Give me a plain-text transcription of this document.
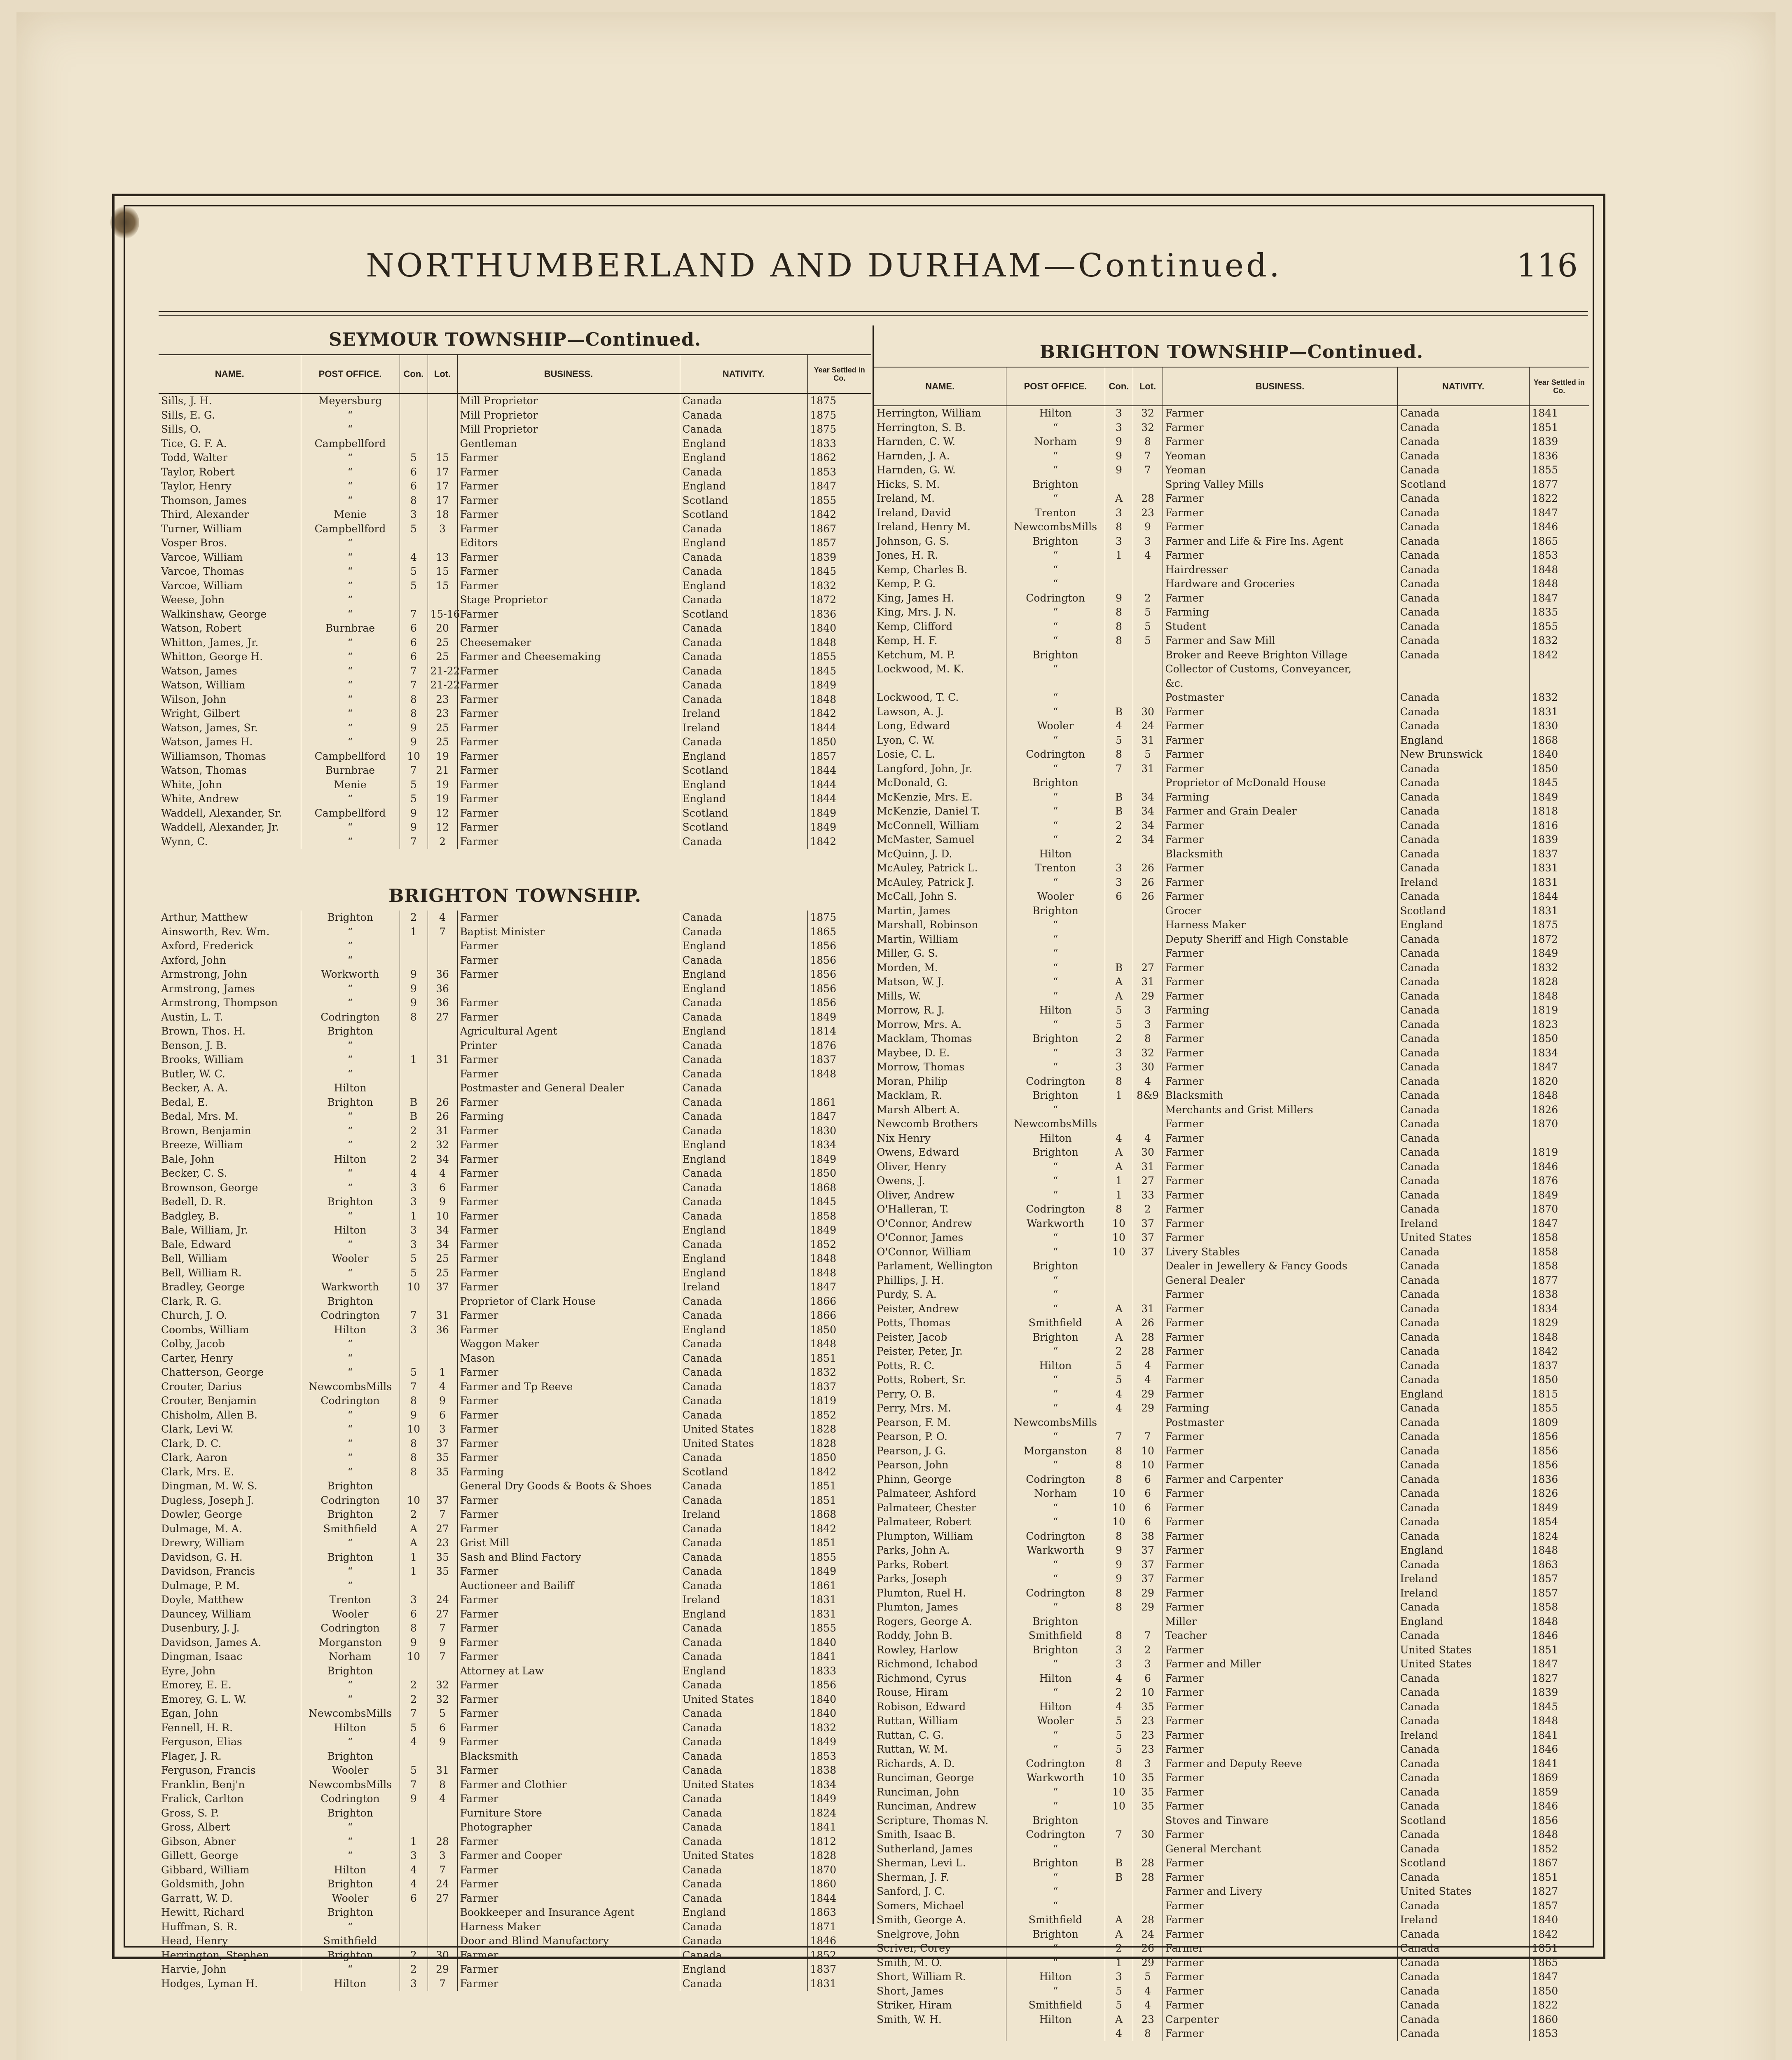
NORTHUMBERLAND AND DURHAM—Continued.	116
SEYMOUR TOWNSHIP—Continued.
NAME.	POST OFFICE.	Con.	Lot.	BUSINESS.	NATIVITY.	Year Settled in Co.
Sills, J. H.	Meyersburg			Mill Proprietor	Canada	1875
Sills, E. G.	“			Mill Proprietor	Canada	1875
Sills, O.	“			Mill Proprietor	Canada	1875
Tice, G. F. A.	Campbellford			Gentleman	England	1833
Todd, Walter	“	5	15	Farmer	England	1862
Taylor, Robert	“	6	17	Farmer	Canada	1853
Taylor, Henry	“	6	17	Farmer	England	1847
Thomson, James	“	8	17	Farmer	Scotland	1855
Third, Alexander	Menie	3	18	Farmer	Scotland	1842
Turner, William	Campbellford	5	3	Farmer	Canada	1867
Vosper Bros.	“			Editors	England	1857
Varcoe, William	“	4	13	Farmer	Canada	1839
Varcoe, Thomas	“	5	15	Farmer	Canada	1845
Varcoe, William	“	5	15	Farmer	England	1832
Weese, John	“			Stage Proprietor	Canada	1872
Walkinshaw, George	“	7	15-16	Farmer	Scotland	1836
Watson, Robert	Burnbrae	6	20	Farmer	Canada	1840
Whitton, James, Jr.	“	6	25	Cheesemaker	Canada	1848
Whitton, George H.	“	6	25	Farmer and Cheesemaking	Canada	1855
Watson, James	“	7	21-22	Farmer	Canada	1845
Watson, William	“	7	21-22	Farmer	Canada	1849
Wilson, John	“	8	23	Farmer	Canada	1848
Wright, Gilbert	“	8	23	Farmer	Ireland	1842
Watson, James, Sr.	“	9	25	Farmer	Ireland	1844
Watson, James H.	“	9	25	Farmer	Canada	1850
Williamson, Thomas	Campbellford	10	19	Farmer	England	1857
Watson, Thomas	Burnbrae	7	21	Farmer	Scotland	1844
White, John	Menie	5	19	Farmer	England	1844
White, Andrew	“	5	19	Farmer	England	1844
Waddell, Alexander, Sr.	Campbellford	9	12	Farmer	Scotland	1849
Waddell, Alexander, Jr.	“	9	12	Farmer	Scotland	1849
Wynn, C.	“	7	2	Farmer	Canada	1842
BRIGHTON TOWNSHIP.
Arthur, Matthew	Brighton	2	4	Farmer	Canada	1875
Ainsworth, Rev. Wm.	“	1	7	Baptist Minister	Canada	1865
Axford, Frederick	“			Farmer	England	1856
Axford, John	“			Farmer	Canada	1856
Armstrong, John	Workworth	9	36	Farmer	England	1856
Armstrong, James	“	9	36		England	1856
Armstrong, Thompson	“	9	36	Farmer	Canada	1856
Austin, L. T.	Codrington	8	27	Farmer	Canada	1849
Brown, Thos. H.	Brighton			Agricultural Agent	England	1814
Benson, J. B.	“			Printer	Canada	1876
Brooks, William	“	1	31	Farmer	Canada	1837
Butler, W. C.	“			Farmer	Canada	1848
Becker, A. A.	Hilton			Postmaster and General Dealer	Canada	
Bedal, E.	Brighton	B	26	Farmer	Canada	1861
Bedal, Mrs. M.	“	B	26	Farming	Canada	1847
Brown, Benjamin	“	2	31	Farmer	Canada	1830
Breeze, William	“	2	32	Farmer	England	1834
Bale, John	Hilton	2	34	Farmer	England	1849
Becker, C. S.	“	4	4	Farmer	Canada	1850
Brownson, George	“	3	6	Farmer	Canada	1868
Bedell, D. R.	Brighton	3	9	Farmer	Canada	1845
Badgley, B.	“	1	10	Farmer	Canada	1858
Bale, William, Jr.	Hilton	3	34	Farmer	England	1849
Bale, Edward	“	3	34	Farmer	Canada	1852
Bell, William	Wooler	5	25	Farmer	England	1848
Bell, William R.	“	5	25	Farmer	England	1848
Bradley, George	Warkworth	10	37	Farmer	Ireland	1847
Clark, R. G.	Brighton			Proprietor of Clark House	Canada	1866
Church, J. O.	Codrington	7	31	Farmer	Canada	1866
Coombs, William	Hilton	3	36	Farmer	England	1850
Colby, Jacob	“			Waggon Maker	Canada	1848
Carter, Henry	“			Mason	Canada	1851
Chatterson, George	“	5	1	Farmer	Canada	1832
Crouter, Darius	NewcombsMills	7	4	Farmer and Tp Reeve	Canada	1837
Crouter, Benjamin	Codrington	8	9	Farmer	Canada	1819
Chisholm, Allen B.	“	9	6	Farmer	Canada	1852
Clark, Levi W.	“	10	3	Farmer	United States	1828
Clark, D. C.	“	8	37	Farmer	United States	1828
Clark, Aaron	“	8	35	Farmer	Canada	1850
Clark, Mrs. E.	“	8	35	Farming	Scotland	1842
Dingman, M. W. S.	Brighton			General Dry Goods & Boots & Shoes	Canada	1851
Dugless, Joseph J.	Codrington	10	37	Farmer	Canada	1851
Dowler, George	Brighton	2	7	Farmer	Ireland	1868
Dulmage, M. A.	Smithfield	A	27	Farmer	Canada	1842
Drewry, William	“	A	23	Grist Mill	Canada	1851
Davidson, G. H.	Brighton	1	35	Sash and Blind Factory	Canada	1855
Davidson, Francis	“	1	35	Farmer	Canada	1849
Dulmage, P. M.	“			Auctioneer and Bailiff	Canada	1861
Doyle, Matthew	Trenton	3	24	Farmer	Ireland	1831
Dauncey, William	Wooler	6	27	Farmer	England	1831
Dusenbury, J. J.	Codrington	8	7	Farmer	Canada	1855
Davidson, James A.	Morganston	9	9	Farmer	Canada	1840
Dingman, Isaac	Norham	10	7	Farmer	Canada	1841
Eyre, John	Brighton			Attorney at Law	England	1833
Emorey, E. E.	“	2	32	Farmer	Canada	1856
Emorey, G. L. W.	“	2	32	Farmer	United States	1840
Egan, John	NewcombsMills	7	5	Farmer	Canada	1840
Fennell, H. R.	Hilton	5	6	Farmer	Canada	1832
Ferguson, Elias	“	4	9	Farmer	Canada	1849
Flager, J. R.	Brighton			Blacksmith	Canada	1853
Ferguson, Francis	Wooler	5	31	Farmer	Canada	1838
Franklin, Benj'n	NewcombsMills	7	8	Farmer and Clothier	United States	1834
Fralick, Carlton	Codrington	9	4	Farmer	Canada	1849
Gross, S. P.	Brighton			Furniture Store	Canada	1824
Gross, Albert	“			Photographer	Canada	1841
Gibson, Abner	“	1	28	Farmer	Canada	1812
Gillett, George	“	3	3	Farmer and Cooper	United States	1828
Gibbard, William	Hilton	4	7	Farmer	Canada	1870
Goldsmith, John	Brighton	4	24	Farmer	Canada	1860
Garratt, W. D.	Wooler	6	27	Farmer	Canada	1844
Hewitt, Richard	Brighton			Bookkeeper and Insurance Agent	England	1863
Huffman, S. R.	“			Harness Maker	Canada	1871
Head, Henry	Smithfield			Door and Blind Manufactory	Canada	1846
Herrington, Stephen	Brighton	2	30	Farmer	Canada	1852
Harvie, John	“	2	29	Farmer	England	1837
Hodges, Lyman H.	Hilton	3	7	Farmer	Canada	1831
BRIGHTON TOWNSHIP—Continued.
NAME.	POST OFFICE.	Con.	Lot.	BUSINESS.	NATIVITY.	Year Settled in Co.
Herrington, William	Hilton	3	32	Farmer	Canada	1841
Herrington, S. B.	“	3	32	Farmer	Canada	1851
Harnden, C. W.	Norham	9	8	Farmer	Canada	1839
Harnden, J. A.	“	9	7	Yeoman	Canada	1836
Harnden, G. W.	“	9	7	Yeoman	Canada	1855
Hicks, S. M.	Brighton			Spring Valley Mills	Scotland	1877
Ireland, M.	“	A	28	Farmer	Canada	1822
Ireland, David	Trenton	3	23	Farmer	Canada	1847
Ireland, Henry M.	NewcombsMills	8	9	Farmer	Canada	1846
Johnson, G. S.	Brighton	3	3	Farmer and Life & Fire Ins. Agent	Canada	1865
Jones, H. R.	“	1	4	Farmer	Canada	1853
Kemp, Charles B.	“			Hairdresser	Canada	1848
Kemp, P. G.	“			Hardware and Groceries	Canada	1848
King, James H.	Codrington	9	2	Farmer	Canada	1847
King, Mrs. J. N.	“	8	5	Farming	Canada	1835
Kemp, Clifford	“	8	5	Student	Canada	1855
Kemp, H. F.	“	8	5	Farmer and Saw Mill	Canada	1832
Ketchum, M. P.	Brighton			Broker and Reeve Brighton Village	Canada	1842
Lockwood, M. K.	“			Collector of Customs, Conveyancer,		
				&c.		
Lockwood, T. C.	“			Postmaster	Canada	1832
Lawson, A. J.	“	B	30	Farmer	Canada	1831
Long, Edward	Wooler	4	24	Farmer	Canada	1830
Lyon, C. W.	“	5	31	Farmer	England	1868
Losie, C. L.	Codrington	8	5	Farmer	New Brunswick	1840
Langford, John, Jr.	“	7	31	Farmer	Canada	1850
McDonald, G.	Brighton			Proprietor of McDonald House	Canada	1845
McKenzie, Mrs. E.	“	B	34	Farming	Canada	1849
McKenzie, Daniel T.	“	B	34	Farmer and Grain Dealer	Canada	1818
McConnell, William	“	2	34	Farmer	Canada	1816
McMaster, Samuel	“	2	34	Farmer	Canada	1839
McQuinn, J. D.	Hilton			Blacksmith	Canada	1837
McAuley, Patrick L.	Trenton	3	26	Farmer	Canada	1831
McAuley, Patrick J.	“	3	26	Farmer	Ireland	1831
McCall, John S.	Wooler	6	26	Farmer	Canada	1844
Martin, James	Brighton			Grocer	Scotland	1831
Marshall, Robinson	“			Harness Maker	England	1875
Martin, William	“			Deputy Sheriff and High Constable	Canada	1872
Miller, G. S.	“			Farmer	Canada	1849
Morden, M.	“	B	27	Farmer	Canada	1832
Matson, W. J.	“	A	31	Farmer	Canada	1828
Mills, W.	“	A	29	Farmer	Canada	1848
Morrow, R. J.	Hilton	5	3	Farming	Canada	1819
Morrow, Mrs. A.	“	5	3	Farmer	Canada	1823
Macklam, Thomas	Brighton	2	8	Farmer	Canada	1850
Maybee, D. E.	“	3	32	Farmer	Canada	1834
Morrow, Thomas	“	3	30	Farmer	Canada	1847
Moran, Philip	Codrington	8	4	Farmer	Canada	1820
Macklam, R.	Brighton	1	8&9	Blacksmith	Canada	1848
Marsh Albert A.	“			Merchants and Grist Millers	Canada	1826
Newcomb Brothers	NewcombsMills			Farmer	Canada	1870
Nix Henry	Hilton	4	4	Farmer	Canada	
Owens, Edward	Brighton	A	30	Farmer	Canada	1819
Oliver, Henry	“	A	31	Farmer	Canada	1846
Owens, J.	“	1	27	Farmer	Canada	1876
Oliver, Andrew	“	1	33	Farmer	Canada	1849
O'Halleran, T.	Codrington	8	2	Farmer	Canada	1870
O'Connor, Andrew	Warkworth	10	37	Farmer	Ireland	1847
O'Connor, James	“	10	37	Farmer	United States	1858
O'Connor, William	“	10	37	Livery Stables	Canada	1858
Parlament, Wellington	Brighton			Dealer in Jewellery & Fancy Goods	Canada	1858
Phillips, J. H.	“			General Dealer	Canada	1877
Purdy, S. A.	“			Farmer	Canada	1838
Peister, Andrew	“	A	31	Farmer	Canada	1834
Potts, Thomas	Smithfield	A	26	Farmer	Canada	1829
Peister, Jacob	Brighton	A	28	Farmer	Canada	1848
Peister, Peter, Jr.	“	2	28	Farmer	Canada	1842
Potts, R. C.	Hilton	5	4	Farmer	Canada	1837
Potts, Robert, Sr.	“	5	4	Farmer	Canada	1850
Perry, O. B.	“	4	29	Farmer	England	1815
Perry, Mrs. M.	“	4	29	Farming	Canada	1855
Pearson, F. M.	NewcombsMills			Postmaster	Canada	1809
Pearson, P. O.	“	7	7	Farmer	Canada	1856
Pearson, J. G.	Morganston	8	10	Farmer	Canada	1856
Pearson, John	“	8	10	Farmer	Canada	1856
Phinn, George	Codrington	8	6	Farmer and Carpenter	Canada	1836
Palmateer, Ashford	Norham	10	6	Farmer	Canada	1826
Palmateer, Chester	“	10	6	Farmer	Canada	1849
Palmateer, Robert	“	10	6	Farmer	Canada	1854
Plumpton, William	Codrington	8	38	Farmer	Canada	1824
Parks, John A.	Warkworth	9	37	Farmer	England	1848
Parks, Robert	“	9	37	Farmer	Canada	1863
Parks, Joseph	“	9	37	Farmer	Ireland	1857
Plumton, Ruel H.	Codrington	8	29	Farmer	Ireland	1857
Plumton, James	“	8	29	Farmer	Canada	1858
Rogers, George A.	Brighton			Miller	England	1848
Roddy, John B.	Smithfield	8	7	Teacher	Canada	1846
Rowley, Harlow	Brighton	3	2	Farmer	United States	1851
Richmond, Ichabod	“	3	3	Farmer and Miller	United States	1847
Richmond, Cyrus	Hilton	4	6	Farmer	Canada	1827
Rouse, Hiram	“	2	10	Farmer	Canada	1839
Robison, Edward	Hilton	4	35	Farmer	Canada	1845
Ruttan, William	Wooler	5	23	Farmer	Canada	1848
Ruttan, C. G.	“	5	23	Farmer	Ireland	1841
Ruttan, W. M.	“	5	23	Farmer	Canada	1846
Richards, A. D.	Codrington	8	3	Farmer and Deputy Reeve	Canada	1841
Runciman, George	Warkworth	10	35	Farmer	Canada	1869
Runciman, John	“	10	35	Farmer	Canada	1859
Runciman, Andrew	“	10	35	Farmer	Canada	1846
Scripture, Thomas N.	Brighton			Stoves and Tinware	Scotland	1856
Smith, Isaac B.	Codrington	7	30	Farmer	Canada	1848
Sutherland, James	“			General Merchant	Canada	1852
Sherman, Levi L.	Brighton	B	28	Farmer	Scotland	1867
Sherman, J. F.	“	B	28	Farmer	Canada	1851
Sanford, J. C.	“			Farmer and Livery	United States	1827
Somers, Michael	“			Farmer	Canada	1857
Smith, George A.	Smithfield	A	28	Farmer	Ireland	1840
Snelgrove, John	Brighton	A	24	Farmer	Canada	1842
Scriver, Corey	“	2	26	Farmer	Canada	1851
Smith, M. O.	“	1	29	Farmer	Canada	1865
Short, William R.	Hilton	3	5	Farmer	Canada	1847
Short, James	“	5	4	Farmer	Canada	1850
Striker, Hiram	Smithfield	5	4	Farmer	Canada	1822
Smith, W. H.	Hilton	A	23	Carpenter	Canada	1860
		4	8	Farmer	Canada	1853
